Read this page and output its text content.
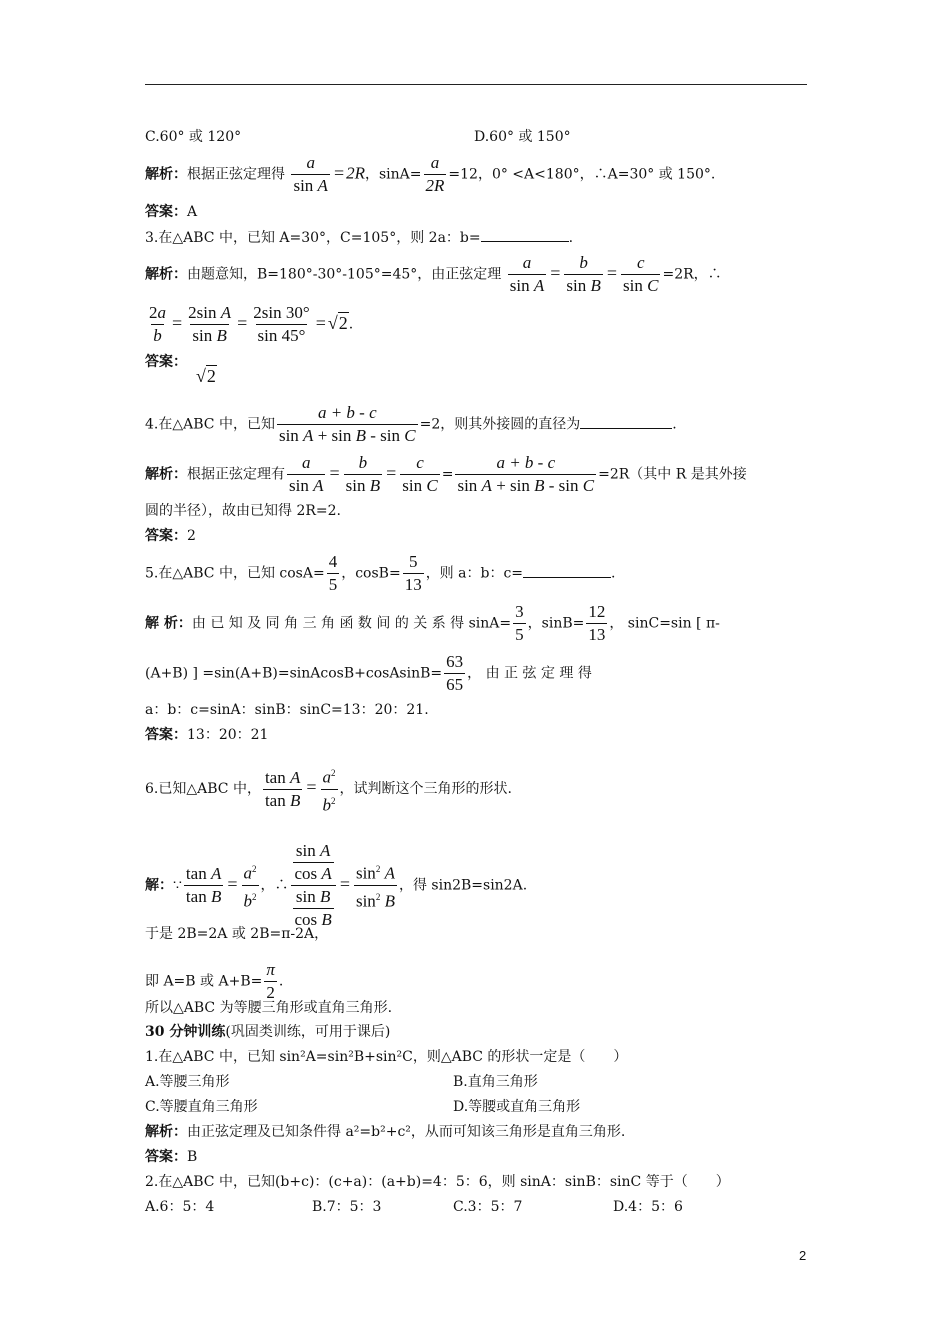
C.60° 或 120°	D.60° 或 150°
解析：根据正弦定理得 $\frac{a}{\text{sin A}} = 2R$，$\sin A= \frac{a}{2R} =12$，0° <A<180°，∴A=30° 或 150°.
答案：A
3.在△ABC 中，已知 A=30°，C=105°，则 2a：b=	.
解析：由题意知，B=180°-30°-105°=45°，由正弦定理 $\frac{a}{\text{sin A}} = \frac{b}{\text{sin B}} = \frac{c}{\text{sin C}} =2R$，∴
$\frac{2a}{b} = \frac{\text{2sin A}}{\text{sin B}} = \frac{2\sin 30^\circ}{\sin 45^\circ} = √2$.
答案：
√2
4.在△ABC 中，已知 $\frac{a + b - c}{\text{sin A + sin B - sin C}} =2$，则其外接圆的直径为	.
解析：根据正弦定理有 $\frac{a}{\text{sin A}} = \frac{b}{\text{sin B}} = \frac{c}{\text{sin C}} = \frac{a + b - c}{\text{sin A + sin B - sin C}} =2R$（其中 R 是其外接
圆的半径），故由已知得 2R=2.
答案：2
5.在△ABC 中，已知 $\cos A= \frac{4}{5}$ ，$\cos B= \frac{5}{13}$ ，则 a：b：c=	.
解 析：由 已 知 及 同 角 三 角 函 数 间 的 关 系 得 $\sin A= \frac{3}{5}$ ，$\sin B= \frac{12}{13}$ ， sinC=sin [ π-
(A+B) ] =sin(A+B)=sinAcosB+cosAsinB= $\frac{63}{65}$ ， 由 正 弦 定 理 得
a：b：c=sinA：sinB：sinC=13：20：21.
答案：13：20：21
6.已知△ABC 中， $\frac{\text{tan A}}{\text{tan B}} = \frac{a^2}{b^2}$ ，试判断这个三角形的形状.
解：∵ $\frac{\text{tan A}}{\text{tan B}} = \frac{a^2}{b^2}$ ，∴ $\frac{\frac{\text{sin A}}{\text{cos A}}}{\frac{\text{sin B}}{\text{cos B}}} = \frac{\sin^2 A}{\sin^2 B}$ ，得 sin2B=sin2A.
于是 2B=2A 或 2B=π-2A，
即 A=B 或 $A+B= \frac{\pi}{2}$ .
所以△ABC 为等腰三角形或直角三角形.
30 分钟训练(巩固类训练，可用于课后)
1.在△ABC 中，已知 sin²A=sin²B+sin²C，则△ABC 的形状一定是（　　）
A.等腰三角形	B.直角三角形
C.等腰直角三角形	D.等腰或直角三角形
解析：由正弦定理及已知条件得 a²=b²+c²，从而可知该三角形是直角三角形.
答案：B
2.在△ABC 中，已知(b+c)：(c+a)：(a+b)=4：5：6，则 sinA：sinB：sinC 等于（　　）
A.6：5：4	B.7：5：3	C.3：5：7	D.4：5：6
2
